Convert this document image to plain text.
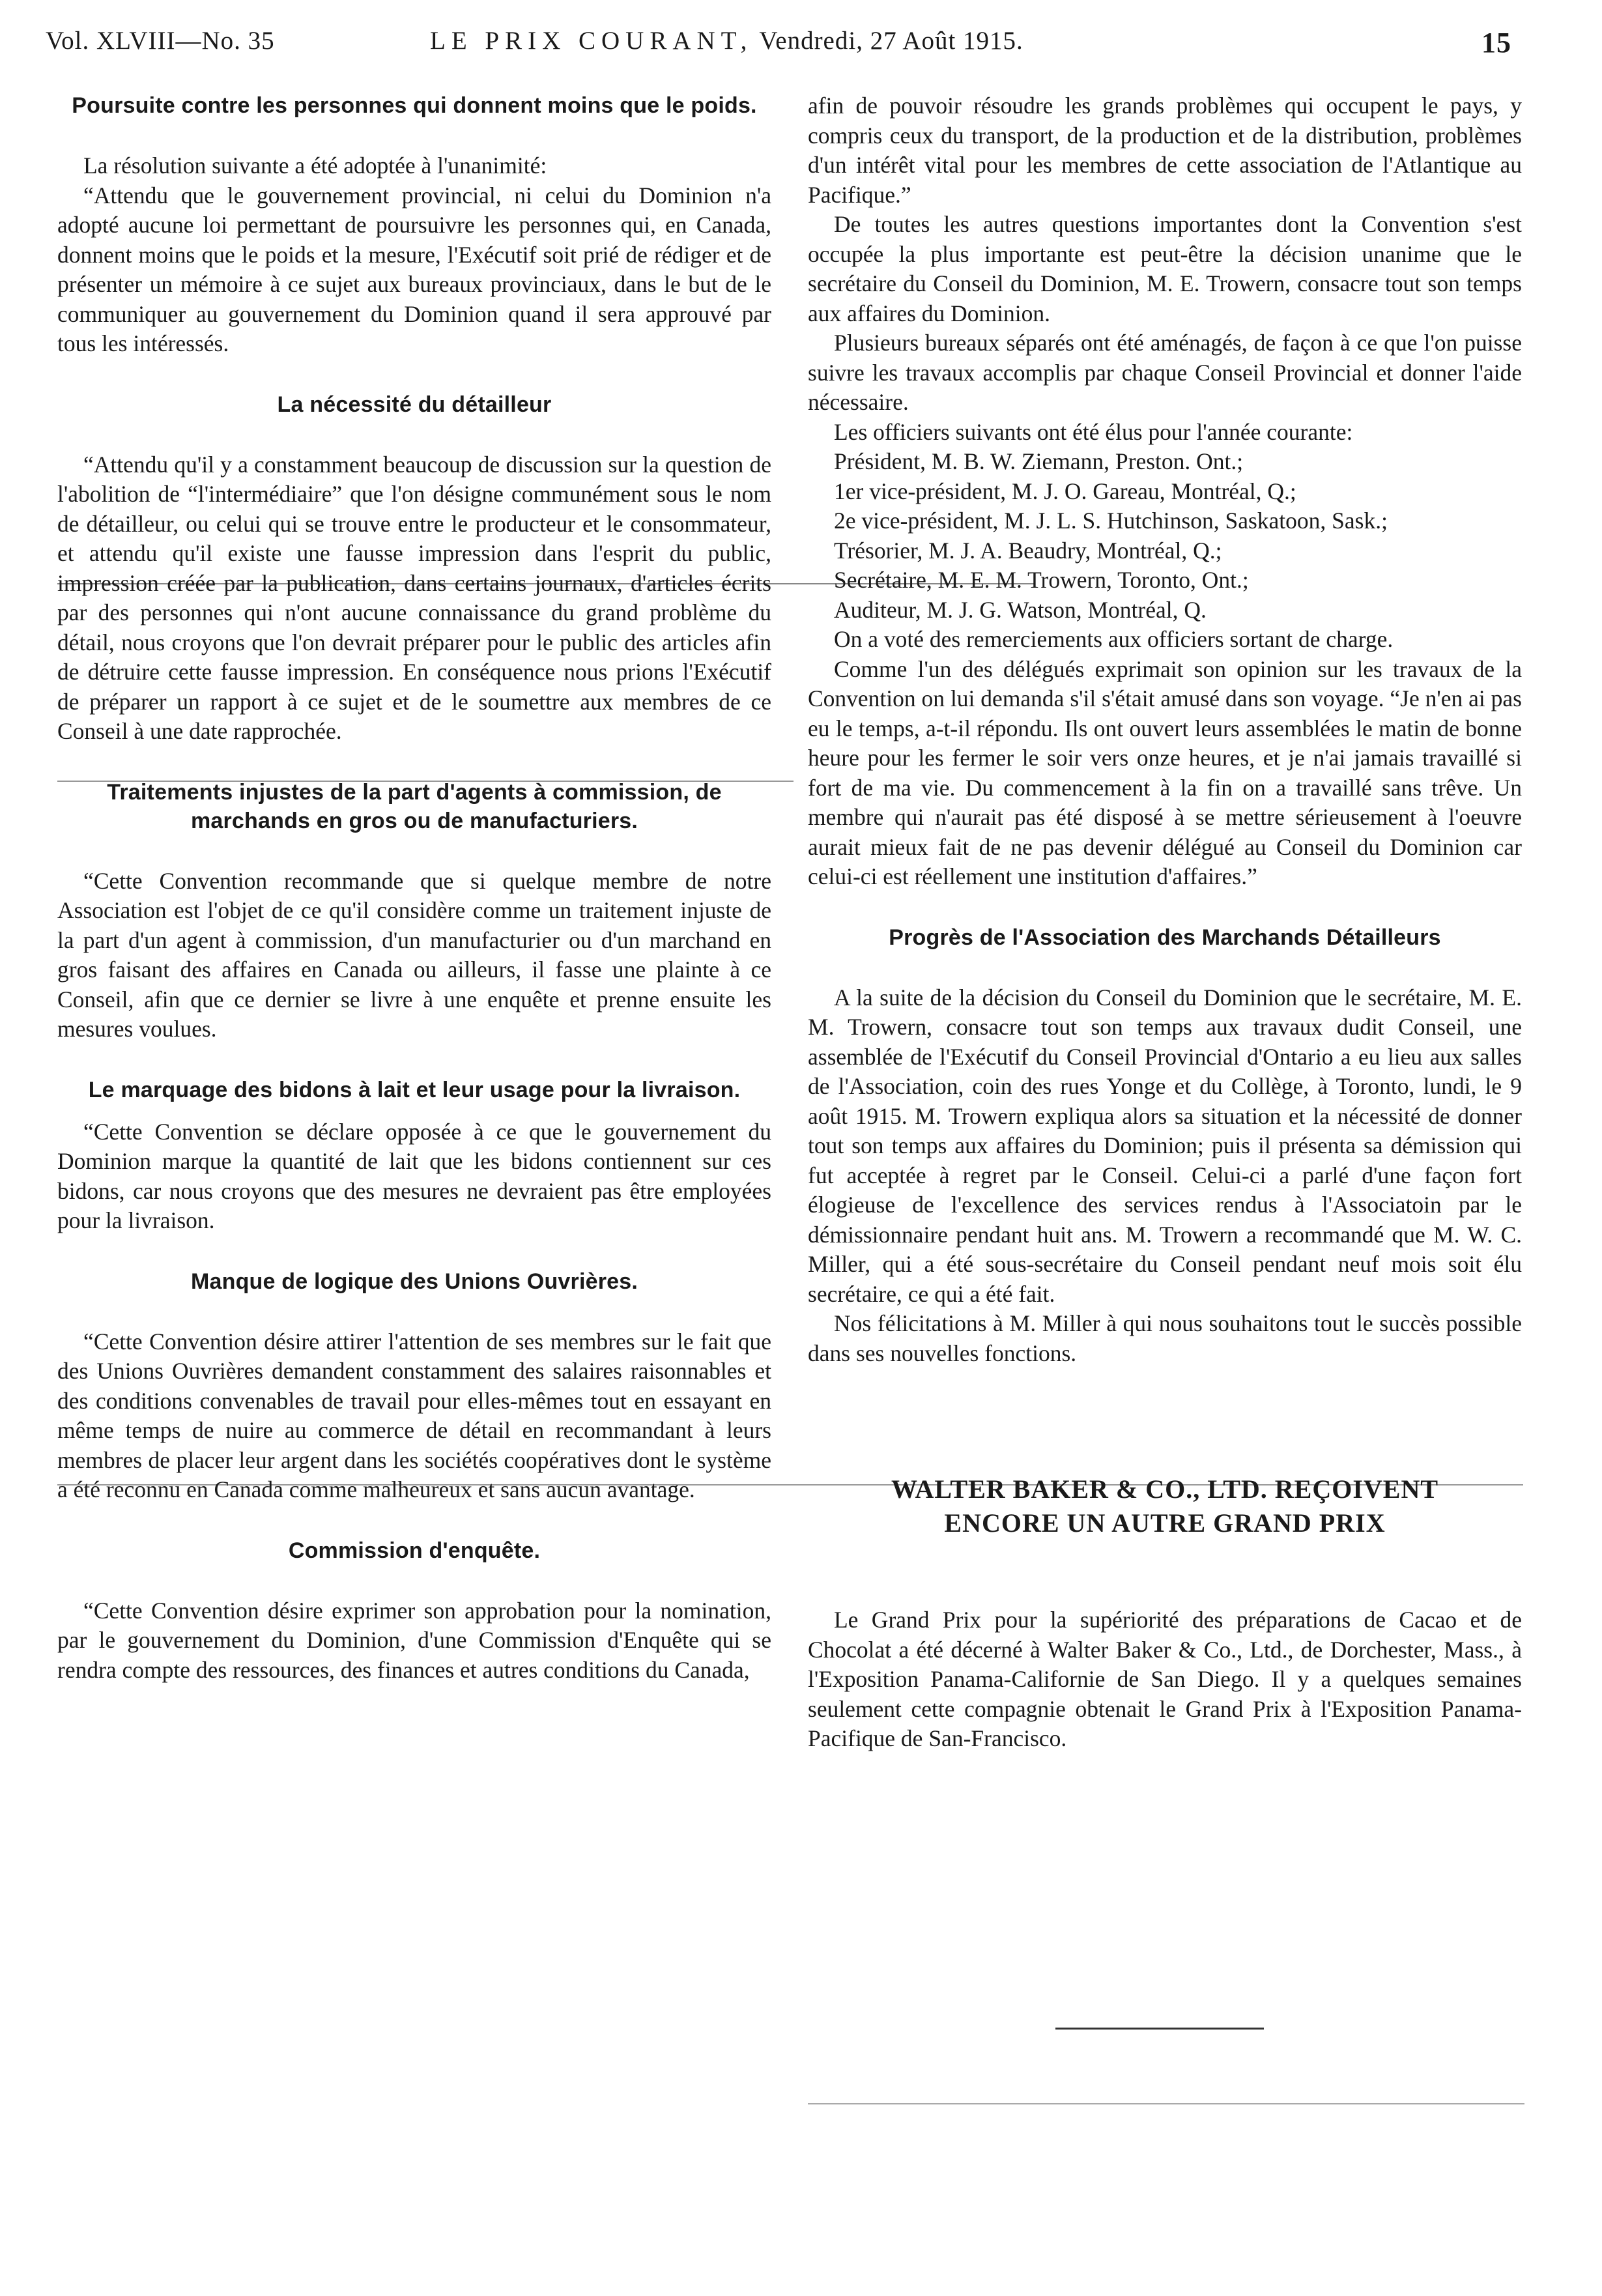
Vol. XLVIII—No. 35	LE PRIX COURANT, Vendredi, 27 Août 1915.	15
Poursuite contre les personnes qui donnent moins que le poids.

La résolution suivante a été adoptée à l'unanimité:

“Attendu que le gouvernement provincial, ni celui du Dominion n'a adopté aucune loi permettant de poursuivre les personnes qui, en Canada, donnent moins que le poids et la mesure, l'Exécutif soit prié de rédiger et de présenter un mémoire à ce sujet aux bureaux provinciaux, dans le but de le communiquer au gouvernement du Dominion quand il sera approuvé par tous les intéressés.

La nécessité du détailleur

“Attendu qu'il y a constamment beaucoup de discussion sur la question de l'abolition de “l'intermédiaire” que l'on désigne communément sous le nom de détailleur, ou celui qui se trouve entre le producteur et le consommateur, et attendu qu'il existe une fausse impression dans l'esprit du public, impression créée par la publication, dans certains journaux, d'articles écrits par des personnes qui n'ont aucune connaissance du grand problème du détail, nous croyons que l'on devrait préparer pour le public des articles afin de détruire cette fausse impression. En conséquence nous prions l'Exécutif de préparer un rapport à ce sujet et de le soumettre aux membres de ce Conseil à une date rapprochée.

Traitements injustes de la part d'agents à commission, de marchands en gros ou de manufacturiers.

“Cette Convention recommande que si quelque membre de notre Association est l'objet de ce qu'il considère comme un traitement injuste de la part d'un agent à commission, d'un manufacturier ou d'un marchand en gros faisant des affaires en Canada ou ailleurs, il fasse une plainte à ce Conseil, afin que ce dernier se livre à une enquête et prenne ensuite les mesures voulues.

Le marquage des bidons à lait et leur usage pour la livraison.

“Cette Convention se déclare opposée à ce que le gouvernement du Dominion marque la quantité de lait que les bidons contiennent sur ces bidons, car nous croyons que des mesures ne devraient pas être employées pour la livraison.

Manque de logique des Unions Ouvrières.

“Cette Convention désire attirer l'attention de ses membres sur le fait que des Unions Ouvrières demandent constamment des salaires raisonnables et des conditions convenables de travail pour elles-mêmes tout en essayant en même temps de nuire au commerce de détail en recommandant à leurs membres de placer leur argent dans les sociétés coopératives dont le système a été reconnu en Canada comme malheureux et sans aucun avantage.

Commission d'enquête.

“Cette Convention désire exprimer son approbation pour la nomination, par le gouvernement du Dominion, d'une Commission d'Enquête qui se rendra compte des ressources, des finances et autres conditions du Canada,

afin de pouvoir résoudre les grands problèmes qui occupent le pays, y compris ceux du transport, de la production et de la distribution, problèmes d'un intérêt vital pour les membres de cette association de l'Atlantique au Pacifique.”

De toutes les autres questions importantes dont la Convention s'est occupée la plus importante est peut-être la décision unanime que le secrétaire du Conseil du Dominion, M. E. Trowern, consacre tout son temps aux affaires du Dominion.

Plusieurs bureaux séparés ont été aménagés, de façon à ce que l'on puisse suivre les travaux accomplis par chaque Conseil Provincial et donner l'aide nécessaire.

Les officiers suivants ont été élus pour l'année courante:

Président, M. B. W. Ziemann, Preston. Ont.;

1er vice-président, M. J. O. Gareau, Montréal, Q.;

2e vice-président, M. J. L. S. Hutchinson, Saskatoon, Sask.;

Trésorier, M. J. A. Beaudry, Montréal, Q.;

Secrétaire, M. E. M. Trowern, Toronto, Ont.;

Auditeur, M. J. G. Watson, Montréal, Q.

On a voté des remerciements aux officiers sortant de charge.

Comme l'un des délégués exprimait son opinion sur les travaux de la Convention on lui demanda s'il s'était amusé dans son voyage. “Je n'en ai pas eu le temps, a-t-il répondu. Ils ont ouvert leurs assemblées le matin de bonne heure pour les fermer le soir vers onze heures, et je n'ai jamais travaillé si fort de ma vie. Du commencement à la fin on a travaillé sans trêve. Un membre qui n'aurait pas été disposé à se mettre sérieusement à l'oeuvre aurait mieux fait de ne pas devenir délégué au Conseil du Dominion car celui-ci est réellement une institution d'affaires.”

Progrès de l'Association des Marchands Détailleurs

A la suite de la décision du Conseil du Dominion que le secrétaire, M. E. M. Trowern, consacre tout son temps aux travaux dudit Conseil, une assemblée de l'Exécutif du Conseil Provincial d'Ontario a eu lieu aux salles de l'Association, coin des rues Yonge et du Collège, à Toronto, lundi, le 9 août 1915. M. Trowern expliqua alors sa situation et la nécessité de donner tout son temps aux affaires du Dominion; puis il présenta sa démission qui fut acceptée à regret par le Conseil. Celui-ci a parlé d'une façon fort élogieuse de l'excellence des services rendus à l'Associatoin par le démissionnaire pendant huit ans. M. Trowern a recommandé que M. W. C. Miller, qui a été sous-secrétaire du Conseil pendant neuf mois soit élu secrétaire, ce qui a été fait.

Nos félicitations à M. Miller à qui nous souhaitons tout le succès possible dans ses nouvelles fonctions.

WALTER BAKER & CO., LTD. REÇOIVENT
ENCORE UN AUTRE GRAND PRIX

Le Grand Prix pour la supériorité des préparations de Cacao et de Chocolat a été décerné à Walter Baker & Co., Ltd., de Dorchester, Mass., à l'Exposition Panama-Californie de San Diego. Il y a quelques semaines seulement cette compagnie obtenait le Grand Prix à l'Exposition Panama-Pacifique de San-Francisco.
